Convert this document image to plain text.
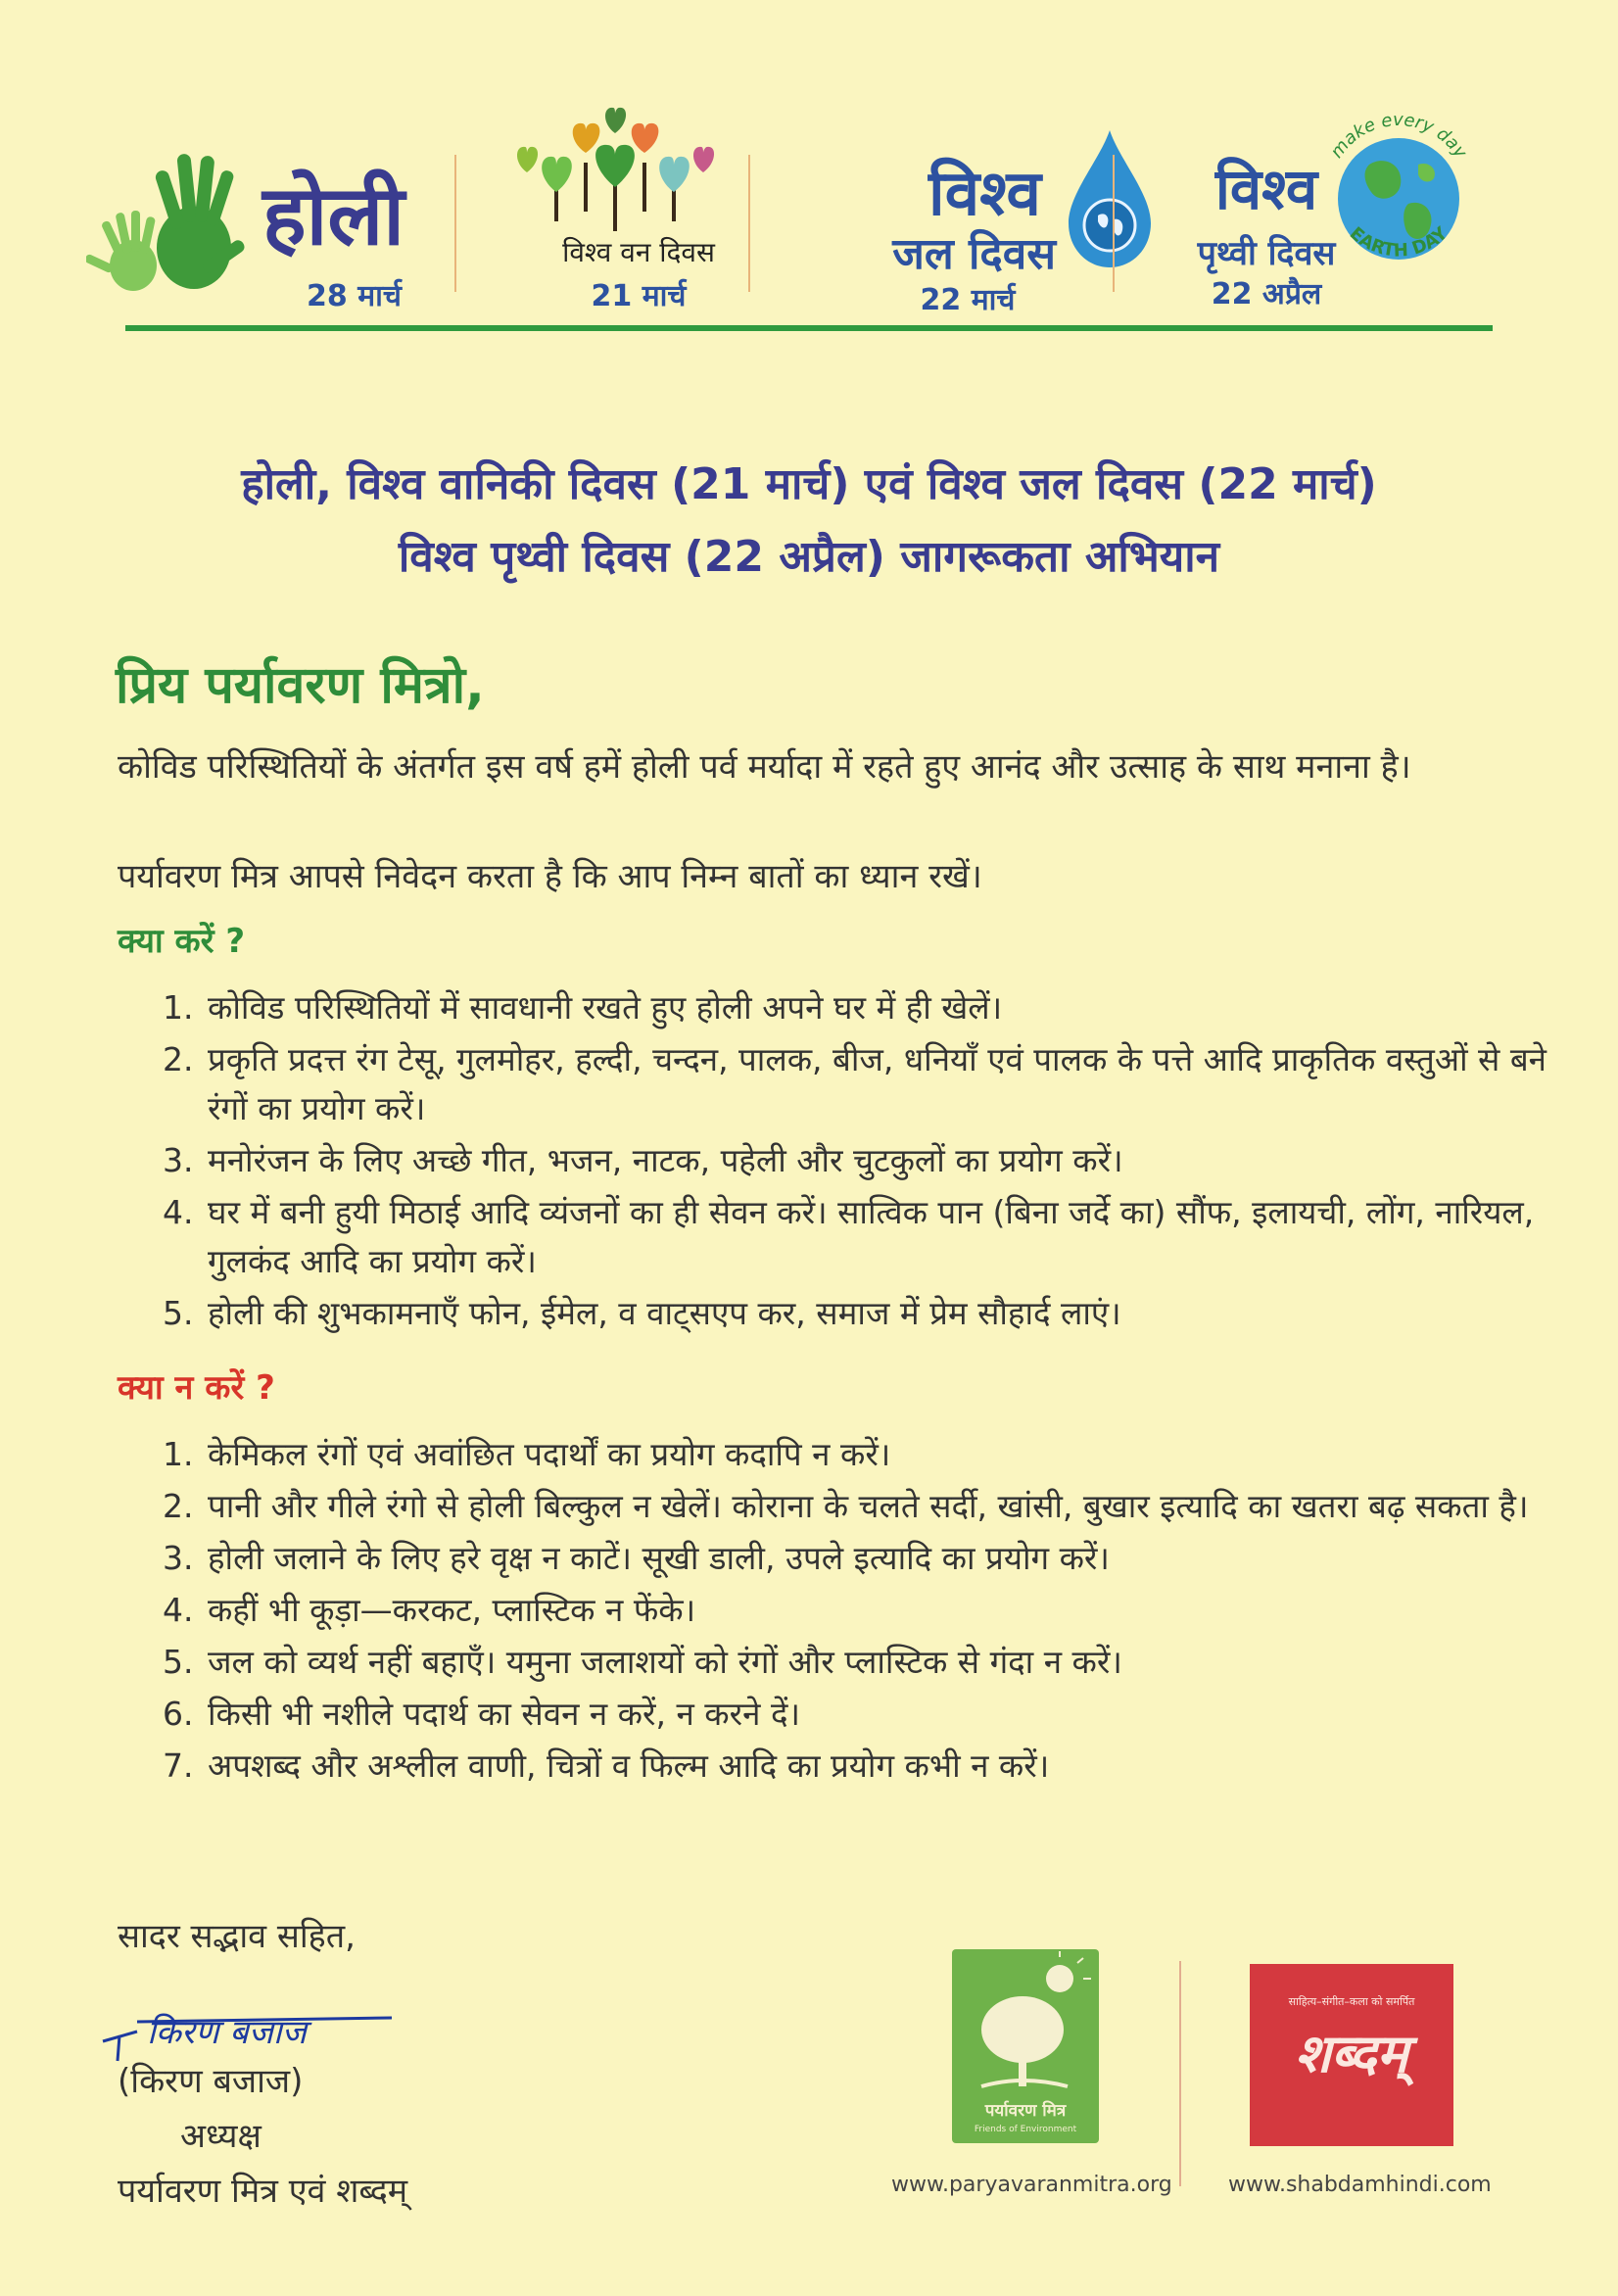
होली
28 मार्च
विश्व वन दिवस
21 मार्च
विश्व
जल दिवस
22 मार्च
विश्व
पृथ्वी दिवस
22 अप्रैल
make every day
EARTH DAY
होली, विश्व वानिकी दिवस (21 मार्च) एवं विश्व जल दिवस (22 मार्च)
विश्व पृथ्वी दिवस (22 अप्रैल) जागरूकता अभियान
प्रिय पर्यावरण मित्रो,
कोविड परिस्थितियों के अंतर्गत इस वर्ष हमें होली पर्व मर्यादा में रहते हुए आनंद और उत्साह के साथ मनाना है।
पर्यावरण मित्र आपसे निवेदन करता है कि आप निम्न बातों का ध्यान रखें।
क्या करें ?
1. कोविड परिस्थितियों में सावधानी रखते हुए होली अपने घर में ही खेलें।
2. प्रकृति प्रदत्त रंग टेसू, गुलमोहर, हल्दी, चन्दन, पालक, बीज, धनियाँ एवं पालक के पत्ते आदि प्राकृतिक वस्तुओं से बने रंगों का प्रयोग करें।
3. मनोरंजन के लिए अच्छे गीत, भजन, नाटक, पहेली और चुटकुलों का प्रयोग करें।
4. घर में बनी हुयी मिठाई आदि व्यंजनों का ही सेवन करें। सात्विक पान (बिना जर्दे का) सौंफ, इलायची, लोंग, नारियल, गुलकंद आदि का प्रयोग करें।
5. होली की शुभकामनाएँ फोन, ईमेल, व वाट्सएप कर, समाज में प्रेम सौहार्द लाएं।
क्या न करें ?
1. केमिकल रंगों एवं अवांछित पदार्थों का प्रयोग कदापि न करें।
2. पानी और गीले रंगो से होली बिल्कुल न खेलें। कोराना के चलते सर्दी, खांसी, बुखार इत्यादि का खतरा बढ़ सकता है।
3. होली जलाने के लिए हरे वृक्ष न काटें। सूखी डाली, उपले इत्यादि का प्रयोग करें।
4. कहीं भी कूड़ा—करकट, प्लास्टिक न फेंके।
5. जल को व्यर्थ नहीं बहाएँ। यमुना जलाशयों को रंगों और प्लास्टिक से गंदा न करें।
6. किसी भी नशीले पदार्थ का सेवन न करें, न करने दें।
7. अपशब्द और अश्लील वाणी, चित्रों व फिल्म आदि का प्रयोग कभी न करें।
सादर सद्भाव सहित,
किरण बजाज
(किरण बजाज)
अध्यक्ष
पर्यावरण मित्र एवं शब्दम्
पर्यावरण मित्र
Friends of Environment
साहित्य–संगीत–कला को समर्पित
शब्दम्
www.paryavaranmitra.org	www.shabdamhindi.com
